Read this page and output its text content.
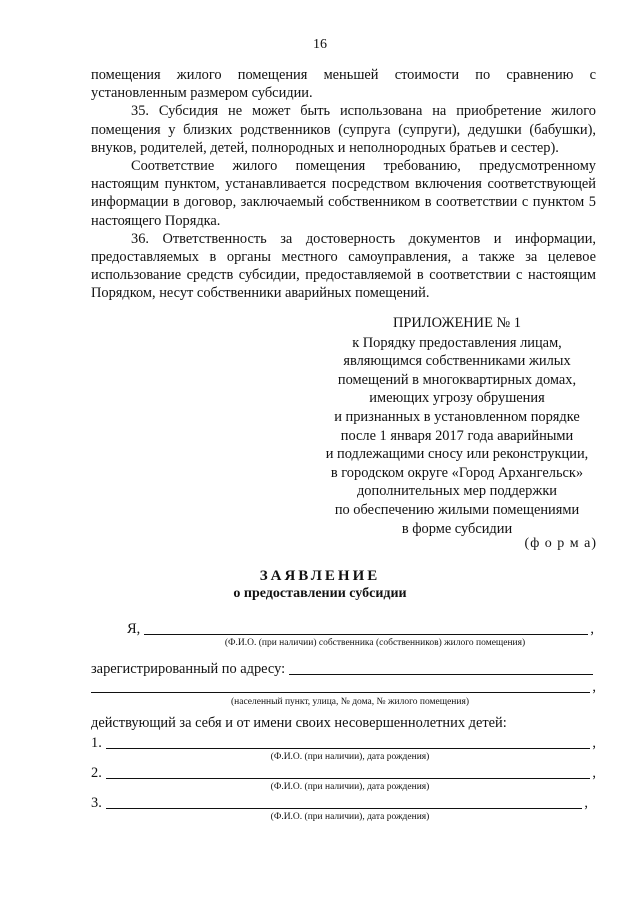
16

помещения жилого помещения меньшей стоимости по сравнению с установленным размером субсидии.

35. Субсидия не может быть использована на приобретение жилого помещения у близких родственников (супруга (супруги), дедушки (бабушки), внуков, родителей, детей, полнородных и неполнородных братьев и сестер).

Соответствие жилого помещения требованию, предусмотренному настоящим пунктом, устанавливается посредством включения соответствующей информации в договор, заключаемый собственником в соответствии с пунктом 5 настоящего Порядка.

36. Ответственность за достоверность документов и информации, предоставляемых в органы местного самоуправления, а также за целевое использование средств субсидии, предоставляемой в соответствии с настоящим Порядком, несут собственники аварийных помещений.

ПРИЛОЖЕНИЕ № 1
к Порядку предоставления лицам,
являющимся собственниками жилых
помещений в многоквартирных домах,
имеющих угрозу обрушения
и признанных в установленном порядке
после 1 января 2017 года аварийными
и подлежащими сносу или реконструкции,
в городском округе «Город Архангельск»
дополнительных мер поддержки
по обеспечению жилыми помещениями
в форме субсидии
(ф о р м а)
ЗАЯВЛЕНИЕ
о предоставлении субсидии
Я,	,
(Ф.И.О. (при наличии) собственника (собственников) жилого помещения)
зарегистрированный по адресу:
,
(населенный пункт, улица, № дома, № жилого помещения)
действующий за себя и от имени своих несовершеннолетних детей:
1.	,
(Ф.И.О. (при наличии), дата рождения)
2.	,
(Ф.И.О. (при наличии), дата рождения)
3.	,
(Ф.И.О. (при наличии), дата рождения)
